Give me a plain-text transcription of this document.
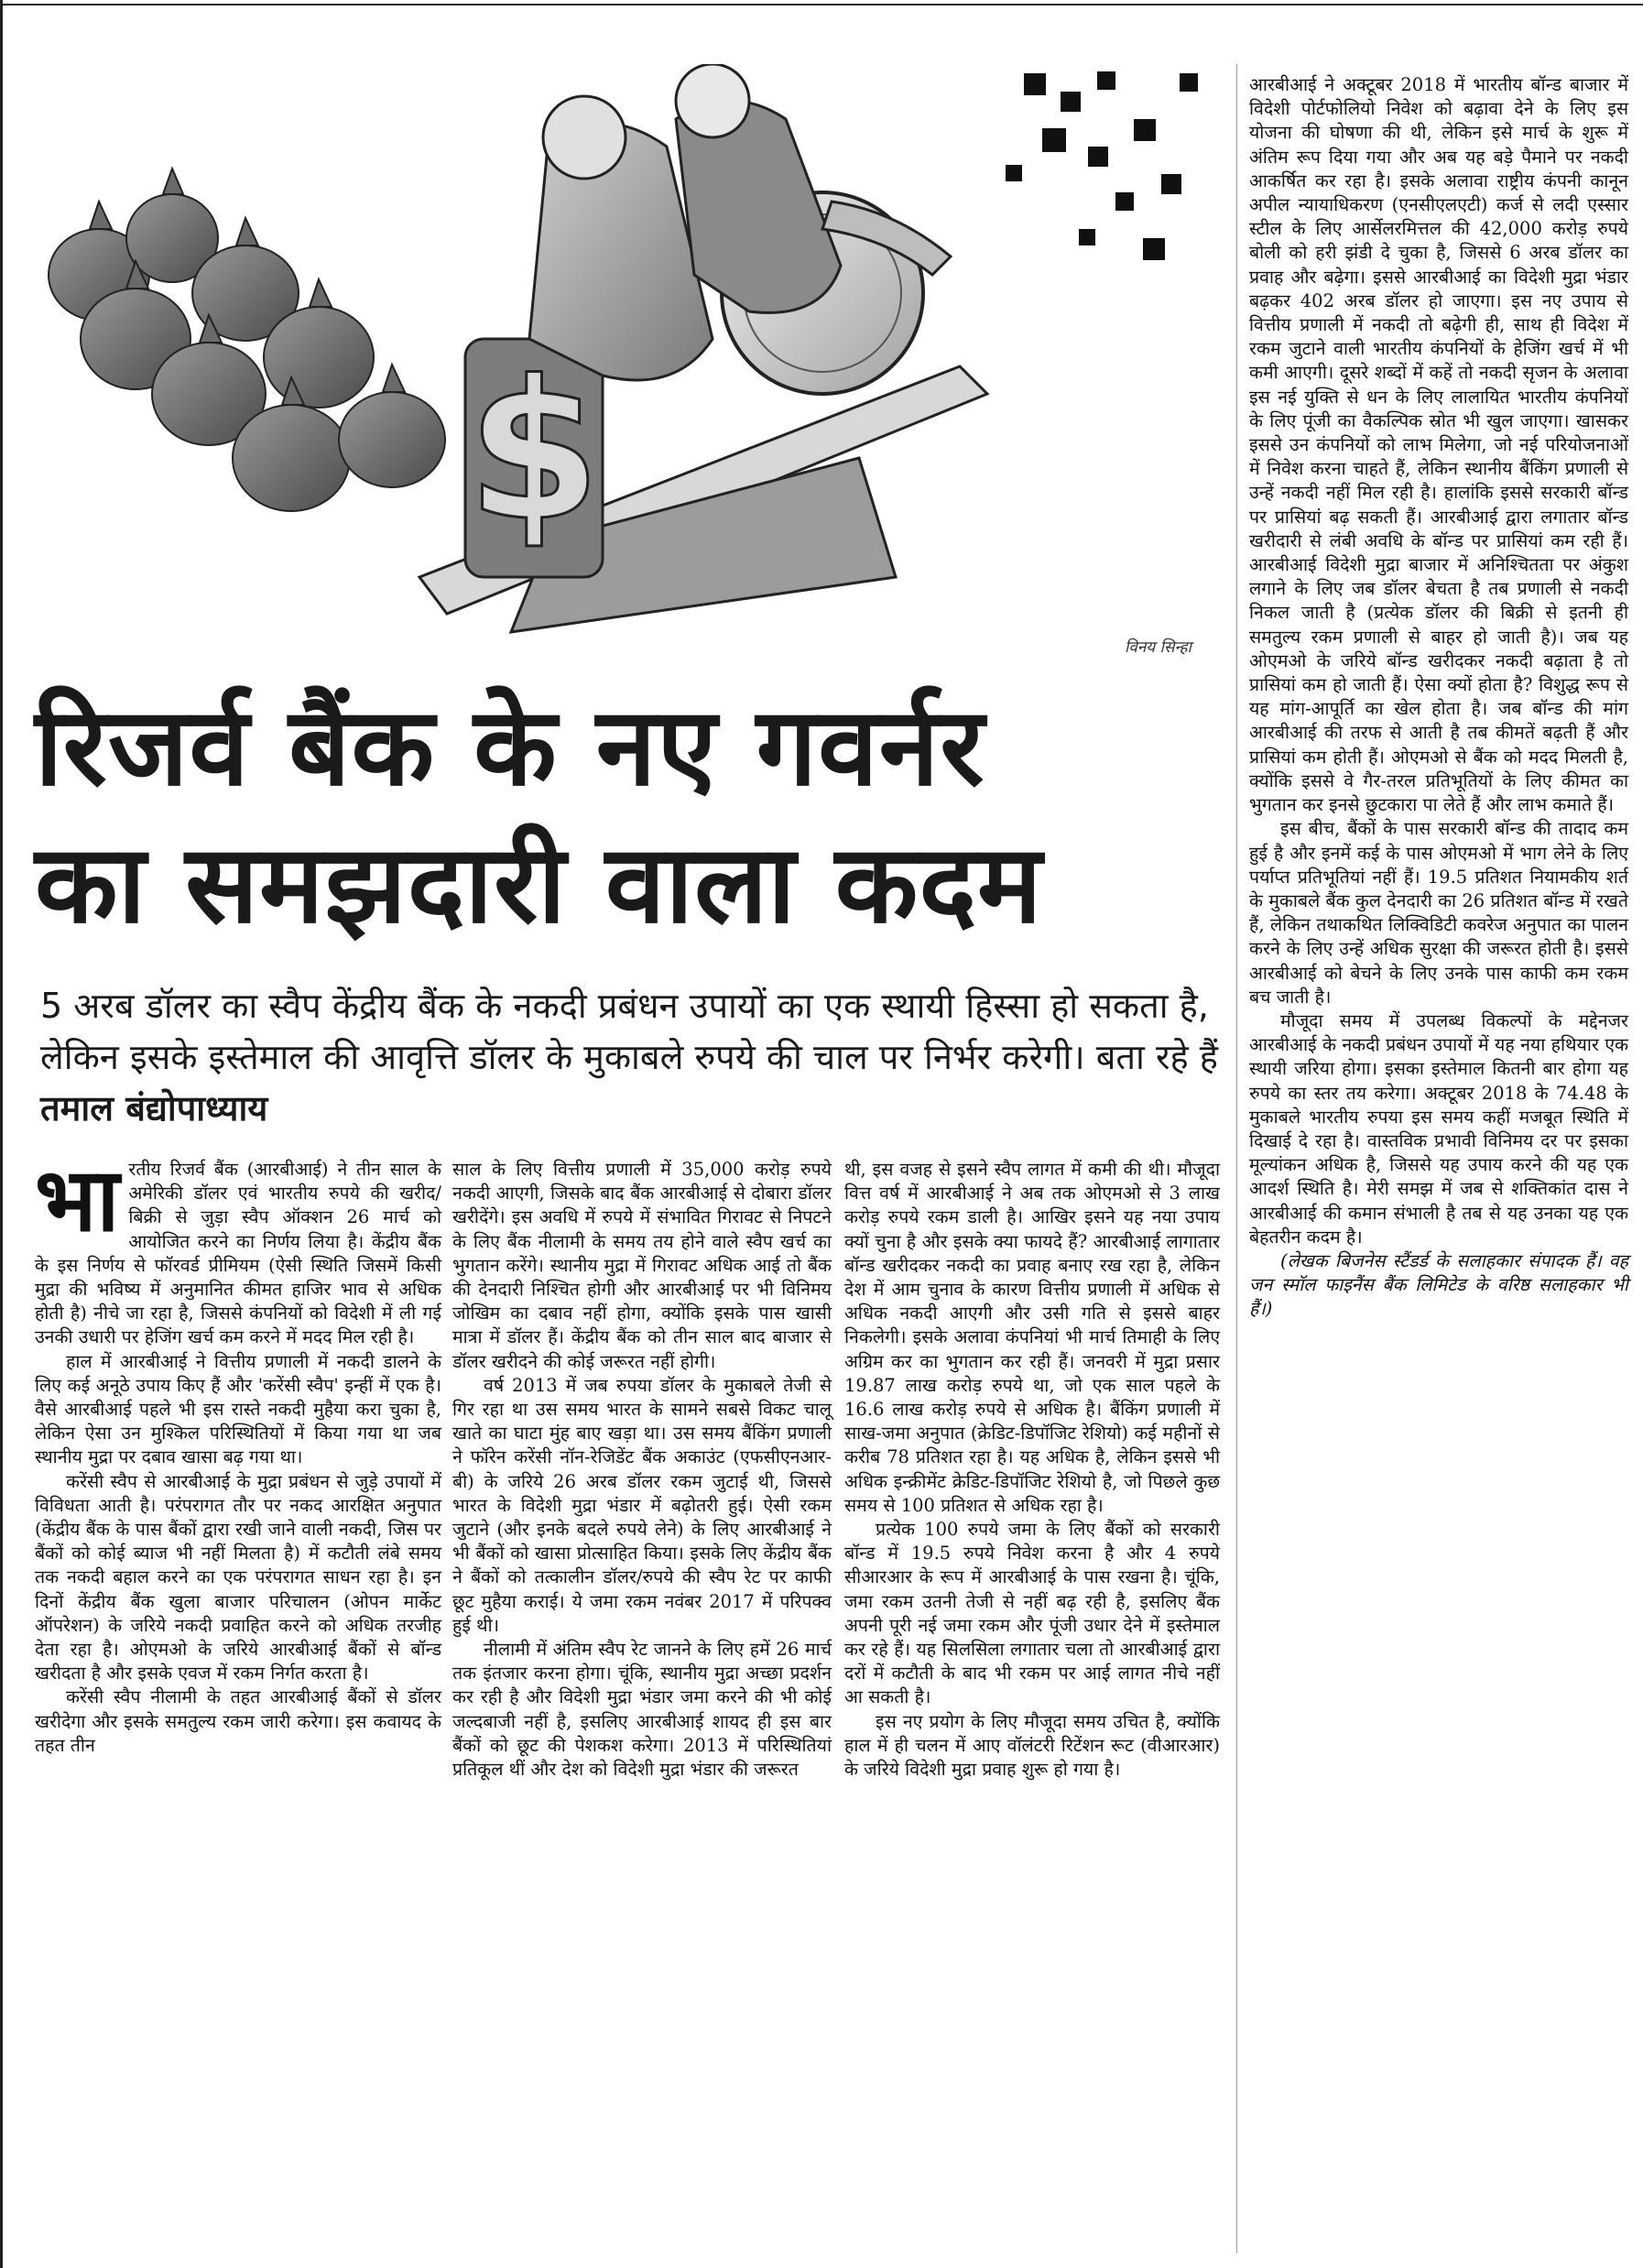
$
विनय सिन्हा
रिजर्व बैंक के नए गवर्नर
का समझदारी वाला कदम
5 अरब डॉलर का स्वैप केंद्रीय बैंक के नकदी प्रबंधन उपायों का एक स्थायी हिस्सा हो सकता है, लेकिन इसके इस्तेमाल की आवृत्ति डॉलर के मुकाबले रुपये की चाल पर निर्भर करेगी। बता रहे हैं तमाल बंद्योपाध्याय

भारतीय रिजर्व बैंक (आरबीआई) ने तीन साल के अमेरिकी डॉलर एवं भारतीय रुपये की खरीद/बिक्री से जुड़ा स्वैप ऑक्शन 26 मार्च को आयोजित करने का निर्णय लिया है। केंद्रीय बैंक के इस निर्णय से फॉरवर्ड प्रीमियम (ऐसी स्थिति जिसमें किसी मुद्रा की भविष्य में अनुमानित कीमत हाजिर भाव से अधिक होती है) नीचे जा रहा है, जिससे कंपनियों को विदेशी में ली गई उनकी उधारी पर हेजिंग खर्च कम करने में मदद मिल रही है।

हाल में आरबीआई ने वित्तीय प्रणाली में नकदी डालने के लिए कई अनूठे उपाय किए हैं और 'करेंसी स्वैप' इन्हीं में एक है। वैसे आरबीआई पहले भी इस रास्ते नकदी मुहैया करा चुका है, लेकिन ऐसा उन मुश्किल परिस्थितियों में किया गया था जब स्थानीय मुद्रा पर दबाव खासा बढ़ गया था।

करेंसी स्वैप से आरबीआई के मुद्रा प्रबंधन से जुड़े उपायों में विविधता आती है। परंपरागत तौर पर नकद आरक्षित अनुपात (केंद्रीय बैंक के पास बैंकों द्वारा रखी जाने वाली नकदी, जिस पर बैंकों को कोई ब्याज भी नहीं मिलता है) में कटौती लंबे समय तक नकदी बहाल करने का एक परंपरागत साधन रहा है। इन दिनों केंद्रीय बैंक खुला बाजार परिचालन (ओपन मार्केट ऑपरेशन) के जरिये नकदी प्रवाहित करने को अधिक तरजीह देता रहा है। ओएमओ के जरिये आरबीआई बैंकों से बॉन्ड खरीदता है और इसके एवज में रकम निर्गत करता है।

करेंसी स्वैप नीलामी के तहत आरबीआई बैंकों से डॉलर खरीदेगा और इसके समतुल्य रकम जारी करेगा। इस कवायद के तहत तीन

साल के लिए वित्तीय प्रणाली में 35,000 करोड़ रुपये नकदी आएगी, जिसके बाद बैंक आरबीआई से दोबारा डॉलर खरीदेंगे। इस अवधि में रुपये में संभावित गिरावट से निपटने के लिए बैंक नीलामी के समय तय होने वाले स्वैप खर्च का भुगतान करेंगे। स्थानीय मुद्रा में गिरावट अधिक आई तो बैंक की देनदारी निश्चित होगी और आरबीआई पर भी विनिमय जोखिम का दबाव नहीं होगा, क्योंकि इसके पास खासी मात्रा में डॉलर हैं। केंद्रीय बैंक को तीन साल बाद बाजार से डॉलर खरीदने की कोई जरूरत नहीं होगी।

वर्ष 2013 में जब रुपया डॉलर के मुकाबले तेजी से गिर रहा था उस समय भारत के सामने सबसे विकट चालू खाते का घाटा मुंह बाए खड़ा था। उस समय बैंकिंग प्रणाली ने फॉरेन करेंसी नॉन-रेजिडेंट बैंक अकाउंट (एफसीएनआर-बी) के जरिये 26 अरब डॉलर रकम जुटाई थी, जिससे भारत के विदेशी मुद्रा भंडार में बढ़ोतरी हुई। ऐसी रकम जुटाने (और इनके बदले रुपये लेने) के लिए आरबीआई ने भी बैंकों को खासा प्रोत्साहित किया। इसके लिए केंद्रीय बैंक ने बैंकों को तत्कालीन डॉलर/रुपये की स्वैप रेट पर काफी छूट मुहैया कराई। ये जमा रकम नवंबर 2017 में परिपक्व हुई थी।

नीलामी में अंतिम स्वैप रेट जानने के लिए हमें 26 मार्च तक इंतजार करना होगा। चूंकि, स्थानीय मुद्रा अच्छा प्रदर्शन कर रही है और विदेशी मुद्रा भंडार जमा करने की भी कोई जल्दबाजी नहीं है, इसलिए आरबीआई शायद ही इस बार बैंकों को छूट की पेशकश करेगा। 2013 में परिस्थितियां प्रतिकूल थीं और देश को विदेशी मुद्रा भंडार की जरूरत

थी, इस वजह से इसने स्वैप लागत में कमी की थी। मौजूदा वित्त वर्ष में आरबीआई ने अब तक ओएमओ से 3 लाख करोड़ रुपये रकम डाली है। आखिर इसने यह नया उपाय क्यों चुना है और इसके क्या फायदे हैं? आरबीआई लागातार बॉन्ड खरीदकर नकदी का प्रवाह बनाए रख रहा है, लेकिन देश में आम चुनाव के कारण वित्तीय प्रणाली में अधिक से अधिक नकदी आएगी और उसी गति से इससे बाहर निकलेगी। इसके अलावा कंपनियां भी मार्च तिमाही के लिए अग्रिम कर का भुगतान कर रही हैं। जनवरी में मुद्रा प्रसार 19.87 लाख करोड़ रुपये था, जो एक साल पहले के 16.6 लाख करोड़ रुपये से अधिक है। बैंकिंग प्रणाली में साख-जमा अनुपात (क्रेडिट-डिपॉजिट रेशियो) कई महीनों से करीब 78 प्रतिशत रहा है। यह अधिक है, लेकिन इससे भी अधिक इन्क्रीमेंट क्रेडिट-डिपॉजिट रेशियो है, जो पिछले कुछ समय से 100 प्रतिशत से अधिक रहा है।

प्रत्येक 100 रुपये जमा के लिए बैंकों को सरकारी बॉन्ड में 19.5 रुपये निवेश करना है और 4 रुपये सीआरआर के रूप में आरबीआई के पास रखना है। चूंकि, जमा रकम उतनी तेजी से नहीं बढ़ रही है, इसलिए बैंक अपनी पूरी नई जमा रकम और पूंजी उधार देने में इस्तेमाल कर रहे हैं। यह सिलसिला लगातार चला तो आरबीआई द्वारा दरों में कटौती के बाद भी रकम पर आई लागत नीचे नहीं आ सकती है।

इस नए प्रयोग के लिए मौजूदा समय उचित है, क्योंकि हाल में ही चलन में आए वॉलंटरी रिटेंशन रूट (वीआरआर) के जरिये विदेशी मुद्रा प्रवाह शुरू हो गया है।

आरबीआई ने अक्टूबर 2018 में भारतीय बॉन्ड बाजार में विदेशी पोर्टफोलियो निवेश को बढ़ावा देने के लिए इस योजना की घोषणा की थी, लेकिन इसे मार्च के शुरू में अंतिम रूप दिया गया और अब यह बड़े पैमाने पर नकदी आकर्षित कर रहा है। इसके अलावा राष्ट्रीय कंपनी कानून अपील न्यायाधिकरण (एनसीएलएटी) कर्ज से लदी एस्सार स्टील के लिए आर्सेलरमित्तल की 42,000 करोड़ रुपये बोली को हरी झंडी दे चुका है, जिससे 6 अरब डॉलर का प्रवाह और बढ़ेगा। इससे आरबीआई का विदेशी मुद्रा भंडार बढ़कर 402 अरब डॉलर हो जाएगा। इस नए उपाय से वित्तीय प्रणाली में नकदी तो बढ़ेगी ही, साथ ही विदेश में रकम जुटाने वाली भारतीय कंपनियों के हेजिंग खर्च में भी कमी आएगी। दूसरे शब्दों में कहें तो नकदी सृजन के अलावा इस नई युक्ति से धन के लिए लालायित भारतीय कंपनियों के लिए पूंजी का वैकल्पिक स्रोत भी खुल जाएगा। खासकर इससे उन कंपनियों को लाभ मिलेगा, जो नई परियोजनाओं में निवेश करना चाहते हैं, लेकिन स्थानीय बैंकिंग प्रणाली से उन्हें नकदी नहीं मिल रही है। हालांकि इससे सरकारी बॉन्ड पर प्रासियां बढ़ सकती हैं। आरबीआई द्वारा लगातार बॉन्ड खरीदारी से लंबी अवधि के बॉन्ड पर प्रासियां कम रही हैं। आरबीआई विदेशी मुद्रा बाजार में अनिश्चितता पर अंकुश लगाने के लिए जब डॉलर बेचता है तब प्रणाली से नकदी निकल जाती है (प्रत्येक डॉलर की बिक्री से इतनी ही समतुल्य रकम प्रणाली से बाहर हो जाती है)। जब यह ओएमओ के जरिये बॉन्ड खरीदकर नकदी बढ़ाता है तो प्रासियां कम हो जाती हैं। ऐसा क्यों होता है? विशुद्ध रूप से यह मांग-आपूर्ति का खेल होता है। जब बॉन्ड की मांग आरबीआई की तरफ से आती है तब कीमतें बढ़ती हैं और प्रासियां कम होती हैं। ओएमओ से बैंक को मदद मिलती है, क्योंकि इससे वे गैर-तरल प्रतिभूतियों के लिए कीमत का भुगतान कर इनसे छुटकारा पा लेते हैं और लाभ कमाते हैं।

इस बीच, बैंकों के पास सरकारी बॉन्ड की तादाद कम हुई है और इनमें कई के पास ओएमओ में भाग लेने के लिए पर्याप्त प्रतिभूतियां नहीं हैं। 19.5 प्रतिशत नियामकीय शर्त के मुकाबले बैंक कुल देनदारी का 26 प्रतिशत बॉन्ड में रखते हैं, लेकिन तथाकथित लिक्विडिटी कवरेज अनुपात का पालन करने के लिए उन्हें अधिक सुरक्षा की जरूरत होती है। इससे आरबीआई को बेचने के लिए उनके पास काफी कम रकम बच जाती है।

मौजूदा समय में उपलब्ध विकल्पों के मद्देनजर आरबीआई के नकदी प्रबंधन उपायों में यह नया हथियार एक स्थायी जरिया होगा। इसका इस्तेमाल कितनी बार होगा यह रुपये का स्तर तय करेगा। अक्टूबर 2018 के 74.48 के मुकाबले भारतीय रुपया इस समय कहीं मजबूत स्थिति में दिखाई दे रहा है। वास्तविक प्रभावी विनिमय दर पर इसका मूल्यांकन अधिक है, जिससे यह उपाय करने की यह एक आदर्श स्थिति है। मेरी समझ में जब से शक्तिकांत दास ने आरबीआई की कमान संभाली है तब से यह उनका यह एक बेहतरीन कदम है।

(लेखक बिजनेस स्टैंडर्ड के सलाहकार संपादक हैं। वह जन स्मॉल फाइनैंस बैंक लिमिटेड के वरिष्ठ सलाहकार भी हैं।)
